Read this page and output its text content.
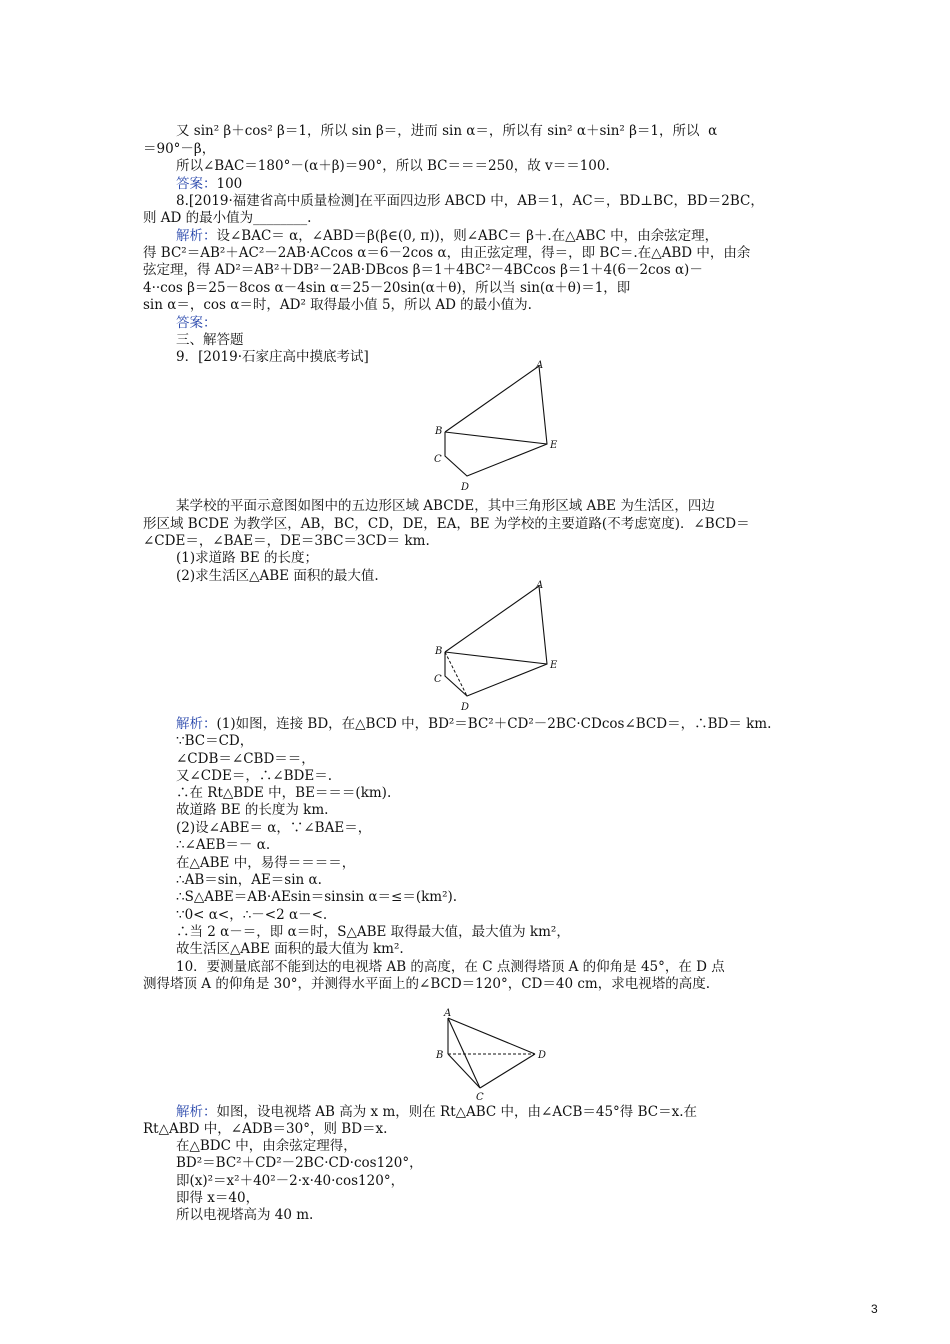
又 sin² β＋cos² β＝1，所以 sin β＝，进而 sin α＝，所以有 sin² α＋sin² β＝1，所以  α
＝90°－β，
所以∠BAC＝180°－(α＋β)＝90°，所以 BC＝＝＝250，故 v＝＝100.
答案：100
8.[2019·福建省高中质量检测]在平面四边形 ABCD 中，AB＝1，AC＝，BD⊥BC，BD＝2BC，
则 AD 的最小值为________.
解析：设∠BAC＝ α，∠ABD＝β(β∈(0, π))，则∠ABC＝ β＋.在△ABC 中，由余弦定理，
得 BC²＝AB²＋AC²－2AB·ACcos α＝6－2cos α，由正弦定理，得＝，即 BC＝.在△ABD 中，由余
弦定理，得 AD²＝AB²＋DB²－2AB·DBcos β＝1＋4BC²－4BCcos β＝1＋4(6－2cos α)－
4··cos β＝25－8cos α－4sin α＝25－20sin(α＋θ)，所以当 sin(α＋θ)＝1，即
sin α＝，cos α＝时，AD² 取得最小值 5，所以 AD 的最小值为.
答案：
三、解答题
9．[2019·石家庄高中摸底考试]
某学校的平面示意图如图中的五边形区域 ABCDE，其中三角形区域 ABE 为生活区，四边
形区域 BCDE 为教学区，AB，BC，CD，DE，EA，BE 为学校的主要道路(不考虑宽度)．∠BCD＝
∠CDE＝，∠BAE＝，DE＝3BC＝3CD＝ km.
(1)求道路 BE 的长度；
(2)求生活区△ABE 面积的最大值.
解析：(1)如图，连接 BD，在△BCD 中，BD²＝BC²＋CD²－2BC·CDcos∠BCD＝，∴BD＝ km.
∵BC＝CD，
∠CDB＝∠CBD＝＝，
又∠CDE＝，∴∠BDE＝.
∴在 Rt△BDE 中，BE＝＝＝(km).
故道路 BE 的长度为 km.
(2)设∠ABE＝ α，∵∠BAE＝，
∴∠AEB＝－ α.
在△ABE 中，易得＝＝＝＝，
∴AB＝sin，AE＝sin α.
∴S△ABE＝AB·AEsin＝sinsin α＝≤＝(km²).
∵0< α<，∴－<2 α－<.
∴当 2 α－＝，即 α＝时，S△ABE 取得最大值，最大值为 km²，
故生活区△ABE 面积的最大值为 km².
10．要测量底部不能到达的电视塔 AB 的高度，在 C 点测得塔顶 A 的仰角是 45°，在 D 点
测得塔顶 A 的仰角是 30°，并测得水平面上的∠BCD＝120°，CD＝40 cm，求电视塔的高度.
解析：如图，设电视塔 AB 高为 x m，则在 Rt△ABC 中，由∠ACB＝45°得 BC＝x.在
Rt△ABD 中，∠ADB＝30°，则 BD＝x.
在△BDC 中，由余弦定理得，
BD²＝BC²＋CD²－2BC·CD·cos120°，
即(x)²＝x²＋40²－2·x·40·cos120°，
即得 x＝40，
所以电视塔高为 40 m.
A
B
C
D
E
A
B
C
D
E
A
B
C
D
3
